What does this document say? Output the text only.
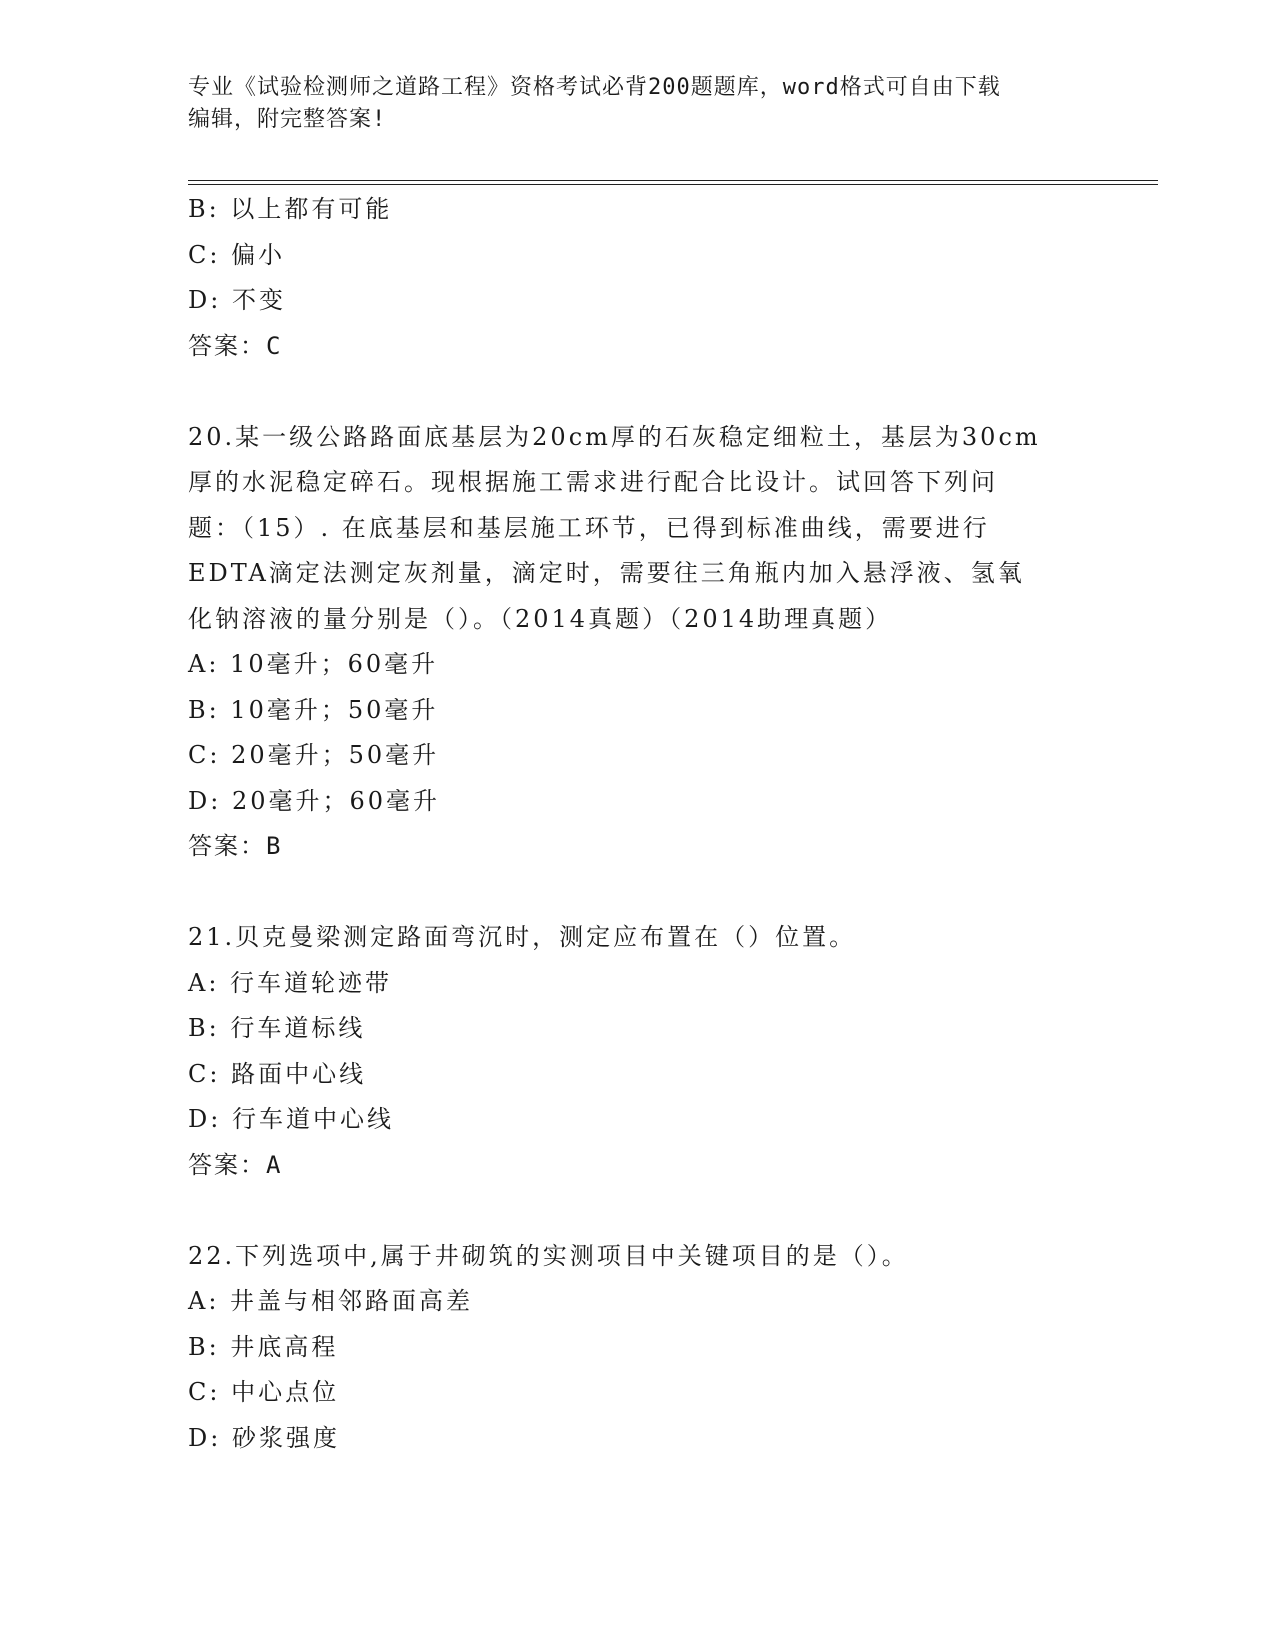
专业《试验检测师之道路工程》资格考试必背200题题库，word格式可自由下载
编辑，附完整答案!
B: 以上都有可能
C: 偏小
D: 不变
答案：C
20.某一级公路路面底基层为20cm厚的石灰稳定细粒土，基层为30cm
厚的水泥稳定碎石。现根据施工需求进行配合比设计。试回答下列问
题：（15）. 在底基层和基层施工环节，已得到标准曲线，需要进行
EDTA滴定法测定灰剂量，滴定时，需要往三角瓶内加入悬浮液、氢氧
化钠溶液的量分别是（）。（2014真题）（2014助理真题）
A: 10毫升；60毫升
B: 10毫升；50毫升
C: 20毫升；50毫升
D: 20毫升；60毫升
答案：B
21.贝克曼梁测定路面弯沉时，测定应布置在（）位置。
A: 行车道轮迹带
B: 行车道标线
C: 路面中心线
D: 行车道中心线
答案：A
22.下列选项中,属于井砌筑的实测项目中关键项目的是（）。
A: 井盖与相邻路面高差
B: 井底高程
C: 中心点位
D: 砂浆强度
